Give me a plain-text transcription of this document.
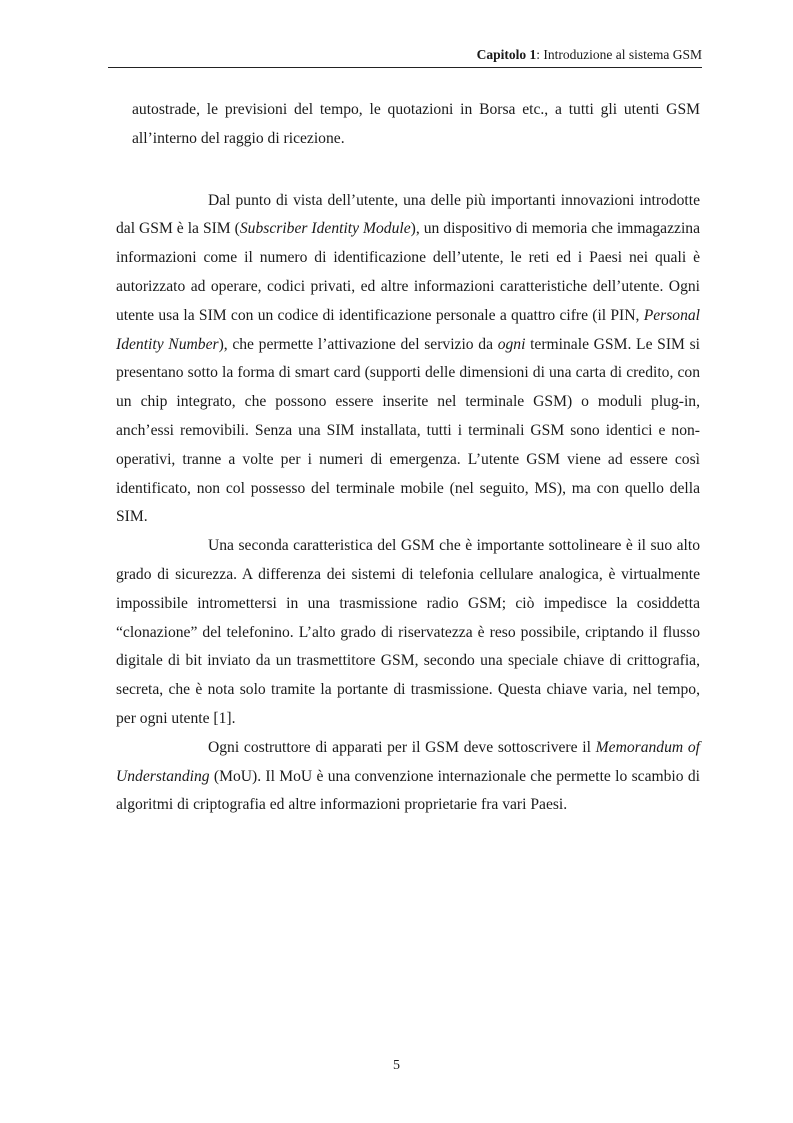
Capitolo 1: Introduzione al sistema GSM

autostrade, le previsioni del tempo, le quotazioni in Borsa etc., a tutti gli utenti GSM all’interno del raggio di ricezione.

Dal punto di vista dell’utente, una delle più importanti innovazioni introdotte dal GSM è la SIM (Subscriber Identity Module), un dispositivo di memoria che immagazzina informazioni come il numero di identificazione dell’utente, le reti ed i Paesi nei quali è autorizzato ad operare, codici privati, ed altre informazioni caratteristiche dell’utente. Ogni utente usa la SIM con un codice di identificazione personale a quattro cifre (il PIN, Personal Identity Number), che permette l’attivazione del servizio da ogni terminale GSM. Le SIM si presentano sotto la forma di smart card (supporti delle dimensioni di una carta di credito, con un chip integrato, che possono essere inserite nel terminale GSM) o moduli plug-in, anch’essi removibili. Senza una SIM installata, tutti i terminali GSM sono identici e non-operativi, tranne a volte per i numeri di emergenza. L’utente GSM viene ad essere così identificato, non col possesso del terminale mobile (nel seguito, MS), ma con quello della SIM.

Una seconda caratteristica del GSM che è importante sottolineare è il suo alto grado di sicurezza. A differenza dei sistemi di telefonia cellulare analogica, è virtualmente impossibile intromettersi in una trasmissione radio GSM; ciò impedisce la cosiddetta “clonazione” del telefonino. L’alto grado di riservatezza è reso possibile, criptando il flusso digitale di bit inviato da un trasmettitore GSM, secondo una speciale chiave di crittografia, secreta, che è nota solo tramite la portante di trasmissione. Questa chiave varia, nel tempo, per ogni utente [1].

Ogni costruttore di apparati per il GSM deve sottoscrivere il Memorandum of Understanding (MoU). Il MoU è una convenzione internazionale che permette lo scambio di algoritmi di criptografia ed altre informazioni proprietarie fra vari Paesi.

5
